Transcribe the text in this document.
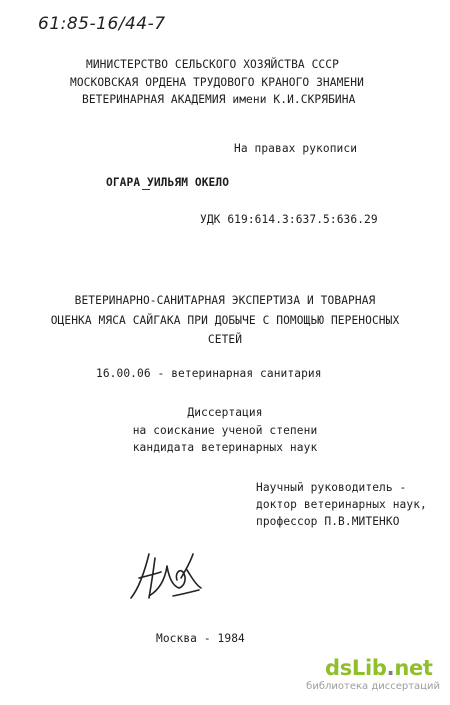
61:85-16/44-7
МИНИСТЕРСТВО СЕЛЬСКОГО ХОЗЯЙСТВА СССР
МОСКОВСКАЯ ОРДЕНА ТРУДОВОГО КРАНОГО ЗНАМЕНИ
ВЕТЕРИНАРНАЯ АКАДЕМИЯ имени К.И.СКРЯБИНА
На правах рукописи
ОГАРА УИЛЬЯМ ОКЕЛО
УДК 619:614.3:637.5:636.29
ВЕТЕРИНАРНО-САНИТАРНАЯ ЭКСПЕРТИЗА И ТОВАРНАЯ
ОЦЕНКА МЯСА САЙГАКА ПРИ ДОБЫЧЕ С ПОМОЩЬЮ ПЕРЕНОСНЫХ
СЕТЕЙ
16.00.06 - ветеринарная санитария
Диссертация
на соискание ученой степени
кандидата ветеринарных наук
Научный руководитель -
доктор ветеринарных наук,
профессор П.В.МИТЕНКО
Москва - 1984
dsLib.net
библиотека диссертаций
